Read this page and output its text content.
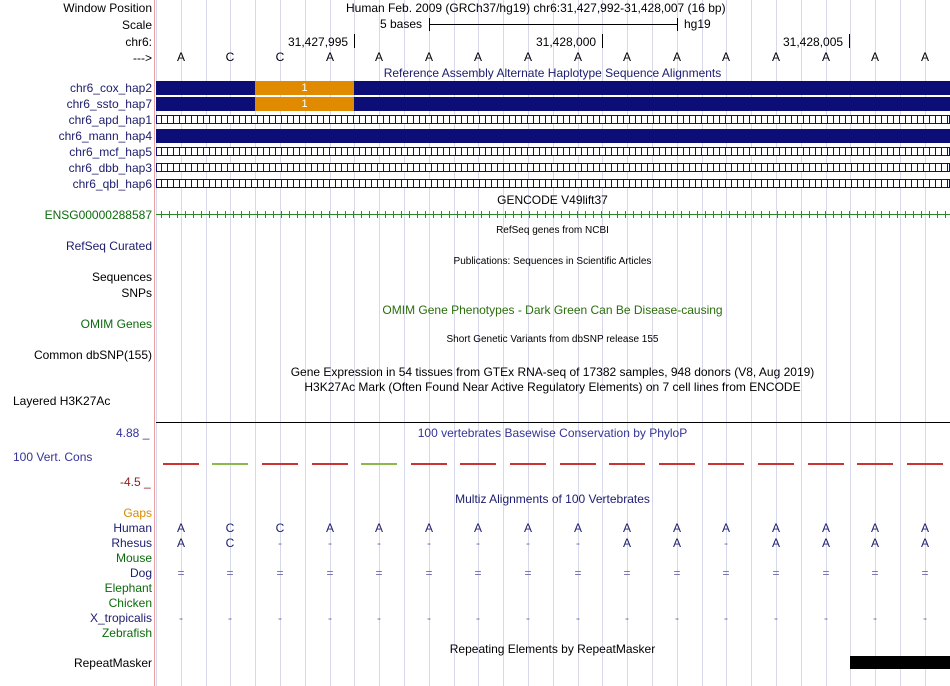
Window Position	Human Feb. 2009 (GRCh37/hg19) chr6:31,427,992-31,428,007 (16 bp)
Scale	5 bases	hg19
chr6:	31,427,995	31,428,000	31,428,005
--->	A	C	C	A	A	A	A	A	A	A	A	A	A	A	A	A
Reference Assembly Alternate Haplotype Sequence Alignments
chr6_cox_hap2	1
chr6_ssto_hap7	1
chr6_apd_hap1
chr6_mann_hap4
chr6_mcf_hap5
chr6_dbb_hap3
chr6_qbl_hap6
GENCODE V49lift37
ENSG00000288587
RefSeq genes from NCBI
RefSeq Curated
Sequences
Publications: Sequences in Scientific Articles
SNPs
OMIM Gene Phenotypes - Dark Green Can Be Disease-causing
OMIM Genes
Short Genetic Variants from dbSNP release 155
Common dbSNP(155)
Gene Expression in 54 tissues from GTEx RNA-seq of 17382 samples, 948 donors (V8, Aug 2019)
H3K27Ac Mark (Often Found Near Active Regulatory Elements) on 7 cell lines from ENCODE
Layered H3K27Ac
4.88 _	100 vertebrates Basewise Conservation by PhyloP
100 Vert. Cons
-4.5 _
Multiz Alignments of 100 Vertebrates
Gaps
Human	A	C	C	A	A	A	A	A	A	A	A	A	A	A	A	A
Rhesus	A	C	-	-	-	-	-	-	-	A	A	-	A	A	A	A
Mouse
Dog	=	=	=	=	=	=	=	=	=	=	=	=	=	=	=	=
Elephant
Chicken
X_tropicalis	-	-	-	-	-	-	-	-	-	-	-	-	-	-	-	-
Zebrafish
Repeating Elements by RepeatMasker
RepeatMasker
